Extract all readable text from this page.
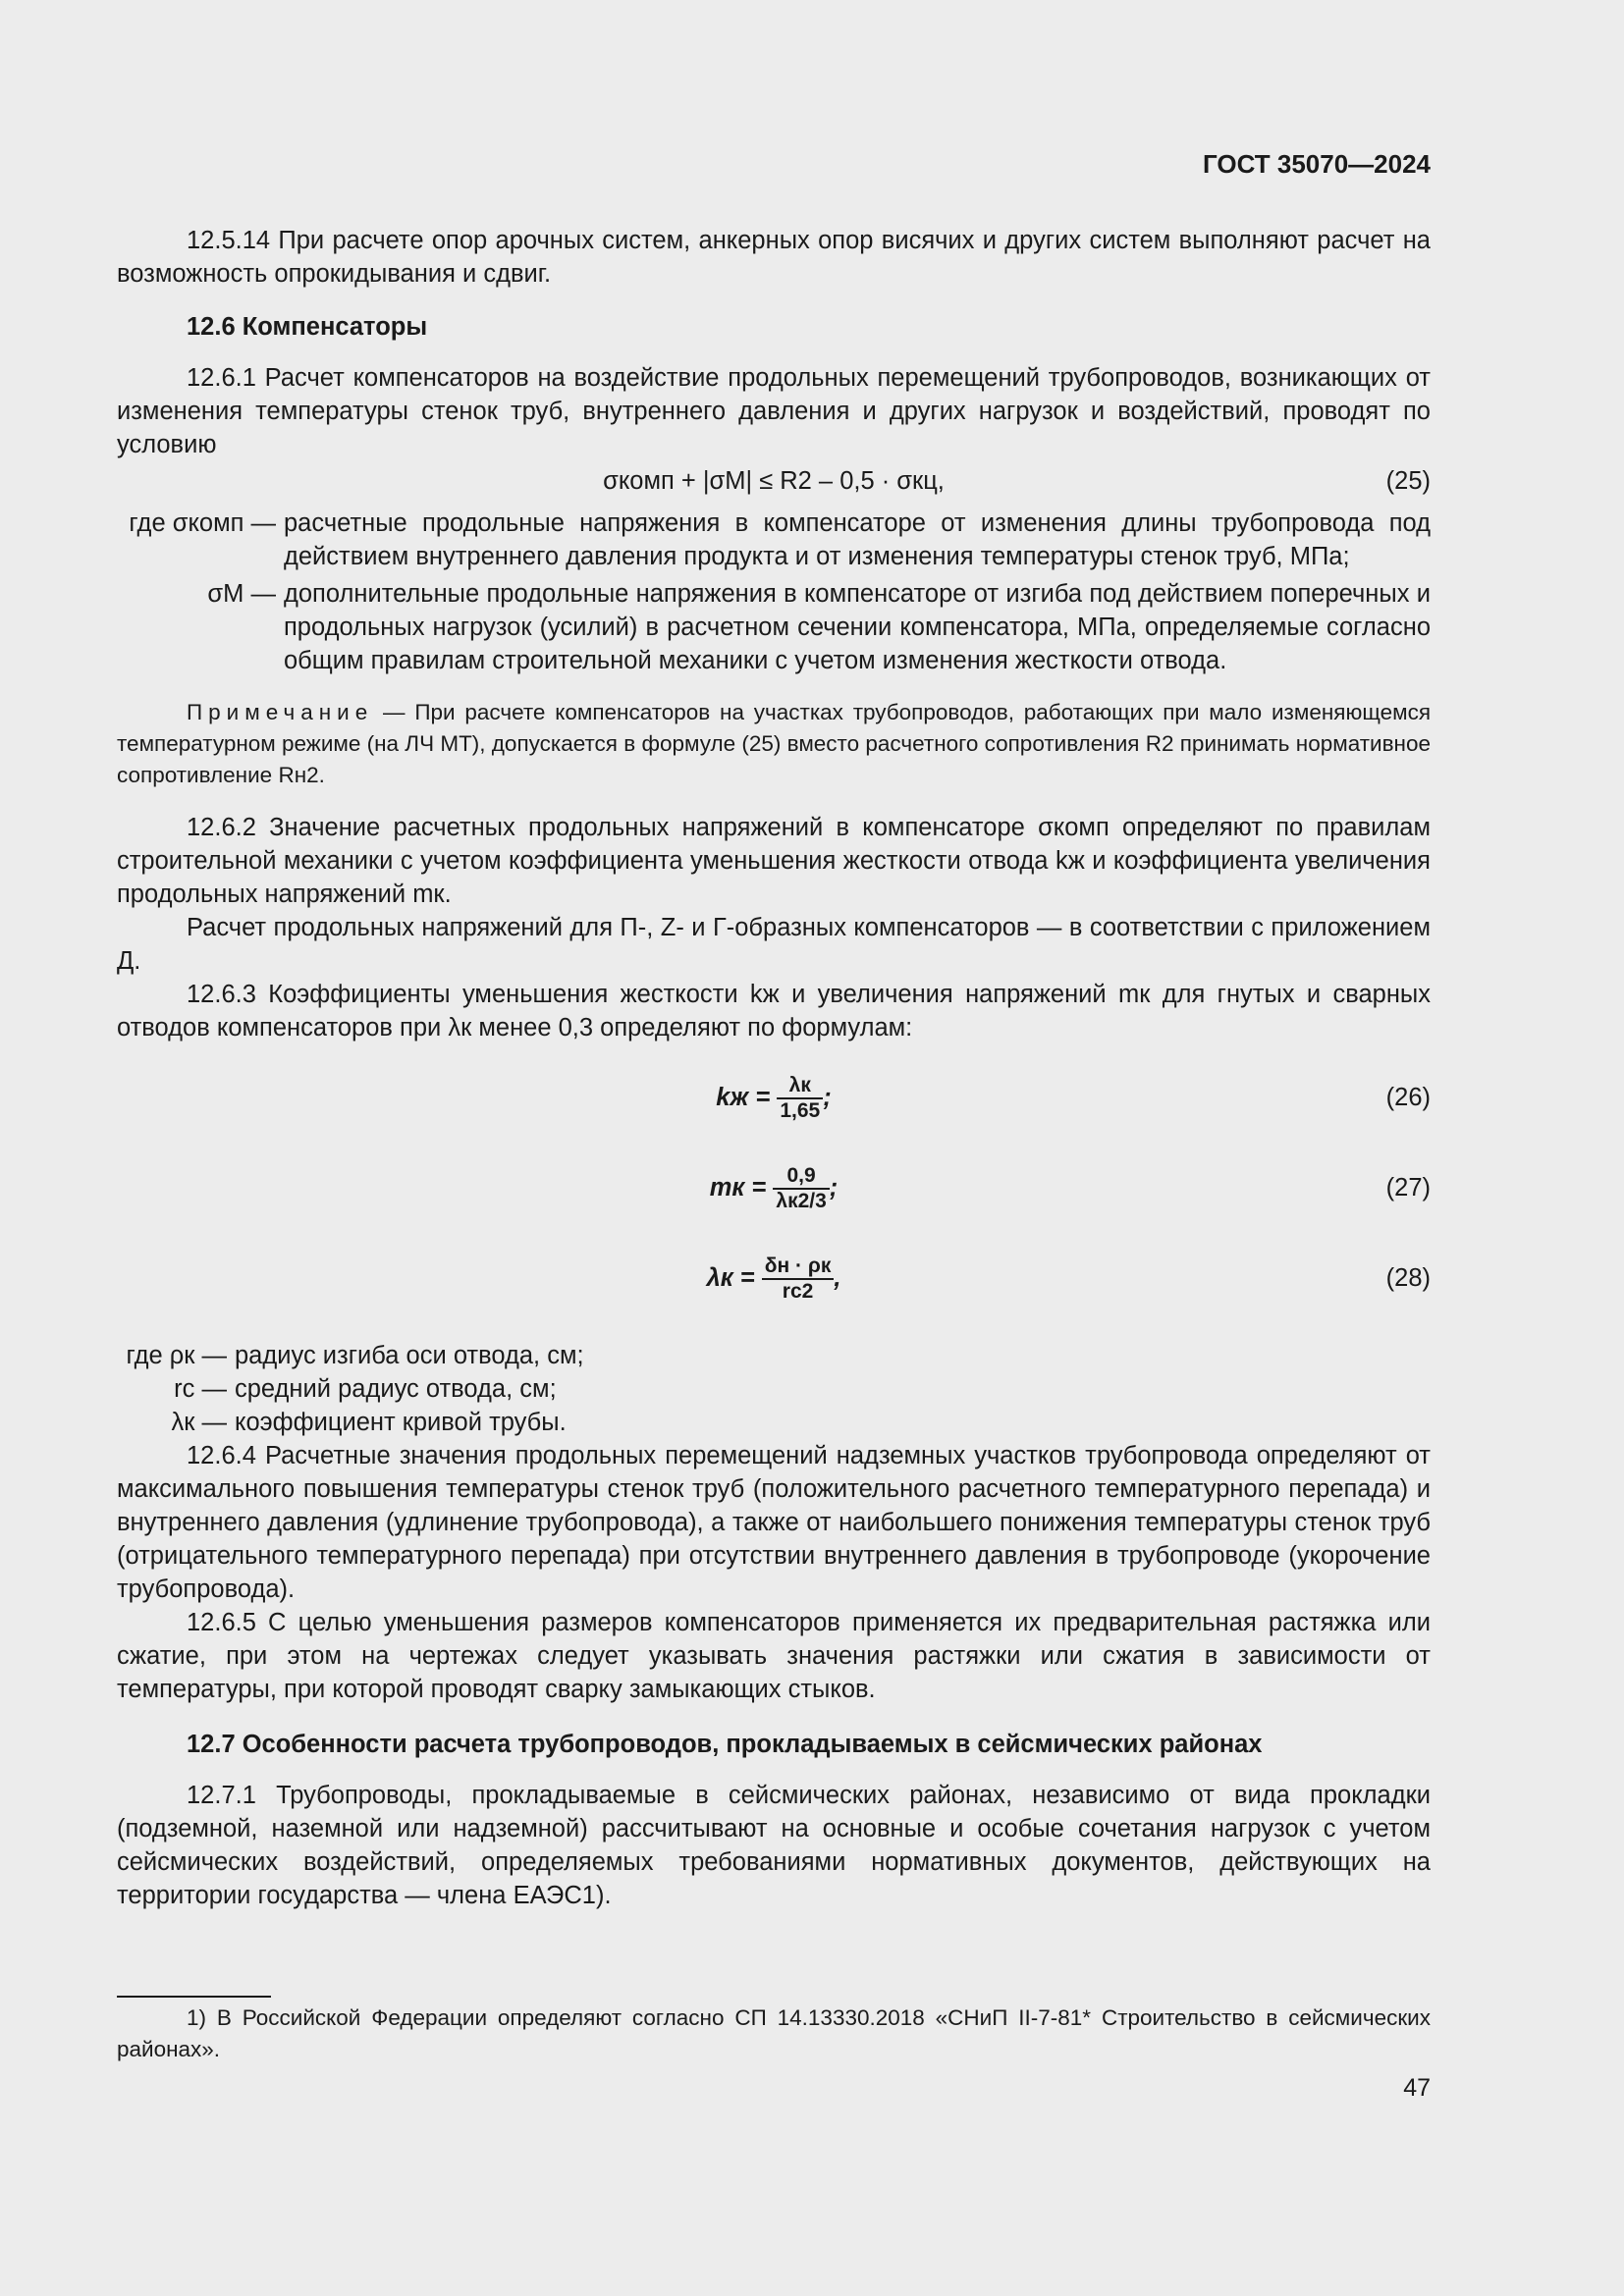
ГОСТ 35070—2024

12.5.14 При расчете опор арочных систем, анкерных опор висячих и других систем выполняют расчет на возможность опрокидывания и сдвиг.

12.6 Компенсаторы

12.6.1 Расчет компенсаторов на воздействие продольных перемещений трубопроводов, возникающих от изменения температуры стенок труб, внутреннего давления и других нагрузок и воздействий, проводят по условию

σкомп + |σM| ≤ R2 – 0,5 · σкц,	(25)
где σкомп — расчетные продольные напряжения в компенсаторе от изменения длины трубопровода под действием внутреннего давления продукта и от изменения температуры стенок труб, МПа;
σM — дополнительные продольные напряжения в компенсаторе от изгиба под действием поперечных и продольных нагрузок (усилий) в расчетном сечении компенсатора, МПа, определяемые согласно общим правилам строительной механики с учетом изменения жесткости отвода.

Примечание — При расчете компенсаторов на участках трубопроводов, работающих при мало изменяющемся температурном режиме (на ЛЧ МТ), допускается в формуле (25) вместо расчетного сопротивления R2 принимать нормативное сопротивление Rн2.

12.6.2 Значение расчетных продольных напряжений в компенсаторе σкомп определяют по правилам строительной механики с учетом коэффициента уменьшения жесткости отвода kж и коэффициента увеличения продольных напряжений mк.

Расчет продольных напряжений для П-, Z- и Г-образных компенсаторов — в соответствии с приложением Д.

12.6.3 Коэффициенты уменьшения жесткости kж и увеличения напряжений mк для гнутых и сварных отводов компенсаторов при λк менее 0,3 определяют по формулам:

kж = $\frac{\lambda к}{1,65}$ ;	(26)
mк = $\frac{0,9}{\lambda к2/3}$ ;	(27)
$\lambda к = \frac{\delta н \cdot \rho к}{rс2}$ ,	(28)
где ρк — радиус изгиба оси отвода, см;
rс — средний радиус отвода, см;
λк — коэффициент кривой трубы.

12.6.4 Расчетные значения продольных перемещений надземных участков трубопровода определяют от максимального повышения температуры стенок труб (положительного расчетного температурного перепада) и внутреннего давления (удлинение трубопровода), а также от наибольшего понижения температуры стенок труб (отрицательного температурного перепада) при отсутствии внутреннего давления в трубопроводе (укорочение трубопровода).

12.6.5 С целью уменьшения размеров компенсаторов применяется их предварительная растяжка или сжатие, при этом на чертежах следует указывать значения растяжки или сжатия в зависимости от температуры, при которой проводят сварку замыкающих стыков.

12.7 Особенности расчета трубопроводов, прокладываемых в сейсмических районах

12.7.1 Трубопроводы, прокладываемые в сейсмических районах, независимо от вида прокладки (подземной, наземной или надземной) рассчитывают на основные и особые сочетания нагрузок с учетом сейсмических воздействий, определяемых требованиями нормативных документов, действующих на территории государства — члена ЕАЭС1).

1) В Российской Федерации определяют согласно СП 14.13330.2018 «СНиП II-7-81* Строительство в сейсмических районах».

47
